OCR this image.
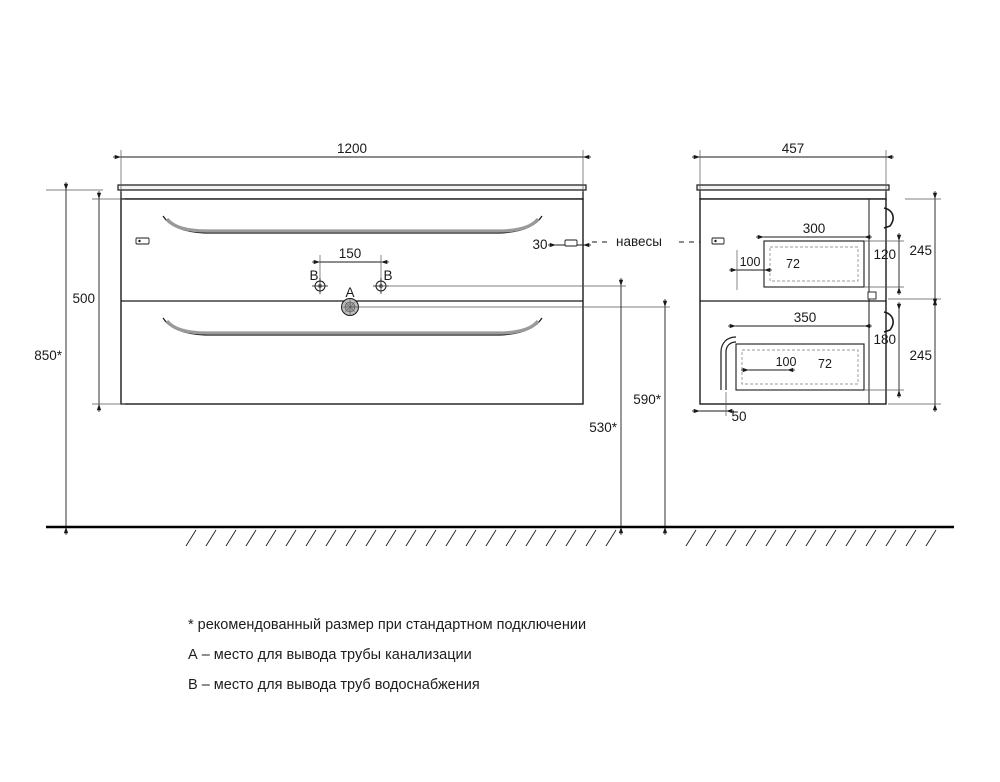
1200
500
850*
150
B	B
A
30	навесы
590*
530*
72
72
457
300
100
350
100
120 245
180
245
50
* рекомендованный размер при стандартном подключении
А – место для вывода трубы канализации
В – место для вывода труб водоснабжения
